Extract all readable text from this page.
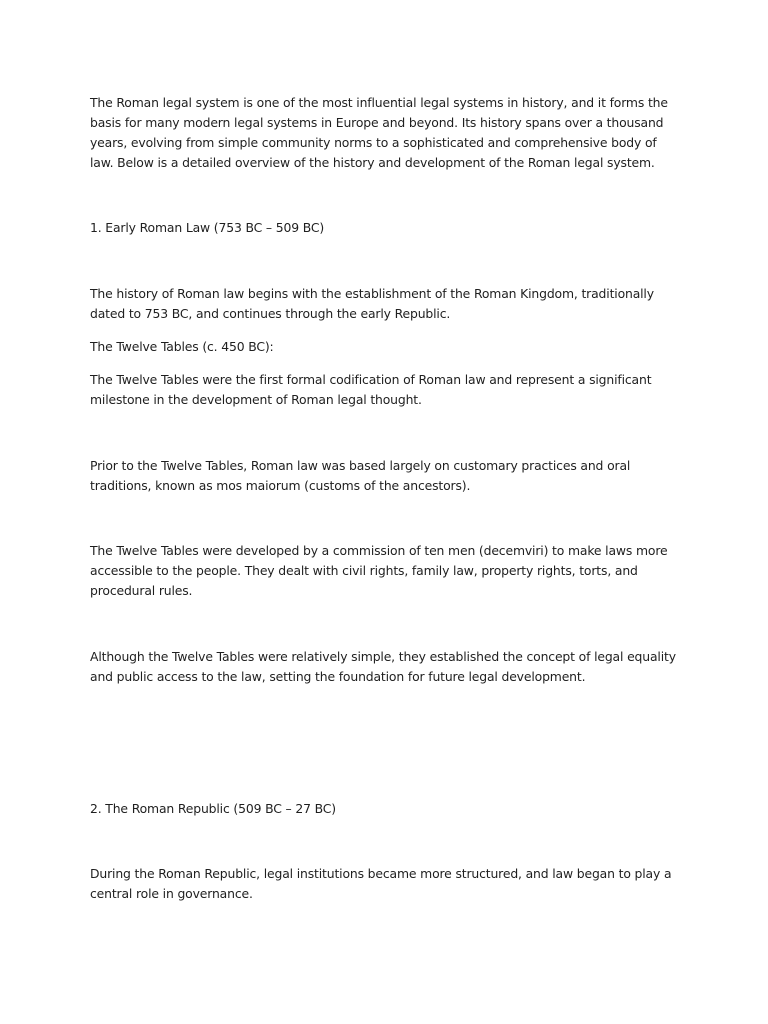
The Roman legal system is one of the most influential legal systems in history, and it forms the basis for many modern legal systems in Europe and beyond. Its history spans over a thousand years, evolving from simple community norms to a sophisticated and comprehensive body of law. Below is a detailed overview of the history and development of the Roman legal system.

1. Early Roman Law (753 BC – 509 BC)

The history of Roman law begins with the establishment of the Roman Kingdom, traditionally dated to 753 BC, and continues through the early Republic.

The Twelve Tables (c. 450 BC):

The Twelve Tables were the first formal codification of Roman law and represent a significant milestone in the development of Roman legal thought.

Prior to the Twelve Tables, Roman law was based largely on customary practices and oral traditions, known as mos maiorum (customs of the ancestors).

The Twelve Tables were developed by a commission of ten men (decemviri) to make laws more accessible to the people. They dealt with civil rights, family law, property rights, torts, and procedural rules.

Although the Twelve Tables were relatively simple, they established the concept of legal equality and public access to the law, setting the foundation for future legal development.

2. The Roman Republic (509 BC – 27 BC)

During the Roman Republic, legal institutions became more structured, and law began to play a central role in governance.
